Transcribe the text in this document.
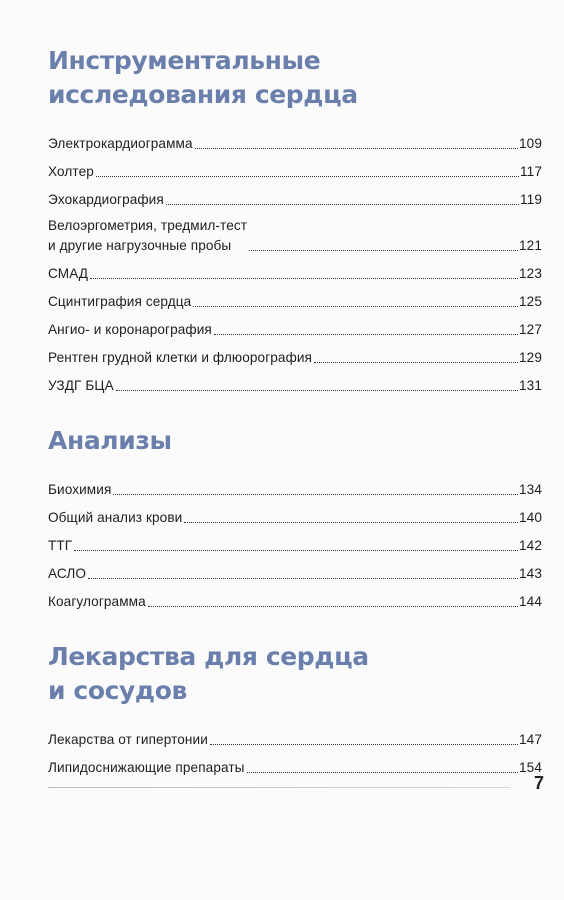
Инструментальные
исследования сердца
Электрокардиограмма	109
Холтер	117
Эхокардиография	119
Велоэргометрия, тредмил-тест
и другие нагрузочные пробы	121
СМАД	123
Сцинтиграфия сердца	125
Ангио- и коронарография	127
Рентген грудной клетки и флюорография	129
УЗДГ БЦА	131
Анализы
Биохимия	134
Общий анализ крови	140
ТТГ	142
АСЛО	143
Коагулограмма	144
Лекарства для сердца
и сосудов
Лекарства от гипертонии	147
Липидоснижающие препараты	154
7
